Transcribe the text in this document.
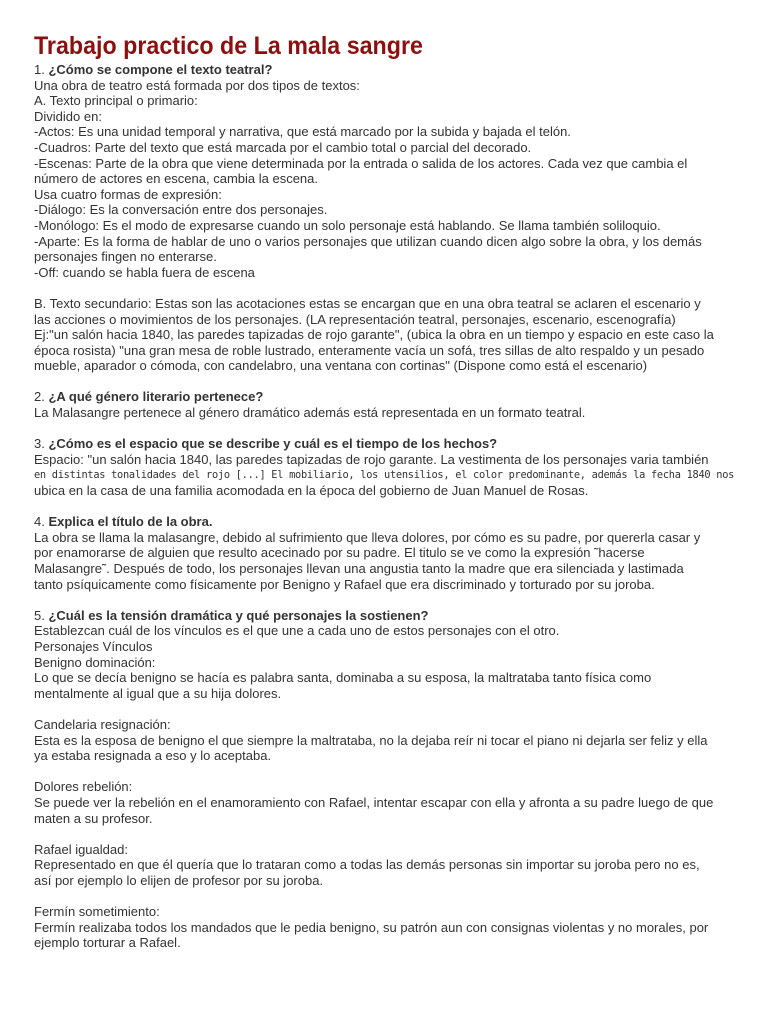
Trabajo practico de La mala sangre
1. ¿Cómo se compone el texto teatral?
Una obra de teatro está formada por dos tipos de textos:
A. Texto principal o primario:
Dividido en:
-Actos: Es una unidad temporal y narrativa, que está marcado por la subida y bajada el telón.
-Cuadros: Parte del texto que está marcada por el cambio total o parcial del decorado.
-Escenas: Parte de la obra que viene determinada por la entrada o salida de los actores. Cada vez que cambia el
número de actores en escena, cambia la escena.
Usa cuatro formas de expresión:
-Diálogo: Es la conversación entre dos personajes.
-Monólogo: Es el modo de expresarse cuando un solo personaje está hablando. Se llama también soliloquio.
-Aparte: Es la forma de hablar de uno o varios personajes que utilizan cuando dicen algo sobre la obra, y los demás
personajes fingen no enterarse.
-Off: cuando se habla fuera de escena
B. Texto secundario: Estas son las acotaciones estas se encargan que en una obra teatral se aclaren el escenario y
las acciones o movimientos de los personajes. (LA representación teatral, personajes, escenario, escenografía)
Ej:"un salón hacia 1840, las paredes tapizadas de rojo garante", (ubica la obra en un tiempo y espacio en este caso la
época rosista) "una gran mesa de roble lustrado, enteramente vacía un sofá, tres sillas de alto respaldo y un pesado
mueble, aparador o cómoda, con candelabro, una ventana con cortinas" (Dispone como está el escenario)
2. ¿A qué género literario pertenece?
La Malasangre pertenece al género dramático además está representada en un formato teatral.
3. ¿Cómo es el espacio que se describe y cuál es el tiempo de los hechos?
Espacio: "un salón hacia 1840, las paredes tapizadas de rojo garante. La vestimenta de los personajes varia también
en distintas tonalidades del rojo [...] El mobiliario, los utensilios, el color predominante, además la fecha 1840 nos
ubica en la casa de una familia acomodada en la época del gobierno de Juan Manuel de Rosas.
4. Explica el título de la obra.
La obra se llama la malasangre, debido al sufrimiento que lleva dolores, por cómo es su padre, por quererla casar y
por enamorarse de alguien que resulto acecinado por su padre. El titulo se ve como la expresión ˜hacerse
Malasangre˜. Después de todo, los personajes llevan una angustia tanto la madre que era silenciada y lastimada
tanto psíquicamente como físicamente por Benigno y Rafael que era discriminado y torturado por su joroba.
5. ¿Cuál es la tensión dramática y qué personajes la sostienen?
Establezcan cuál de los vínculos es el que une a cada uno de estos personajes con el otro.
Personajes Vínculos
Benigno dominación:
Lo que se decía benigno se hacía es palabra santa, dominaba a su esposa, la maltrataba tanto física como
mentalmente al igual que a su hija dolores.
Candelaria resignación:
Esta es la esposa de benigno el que siempre la maltrataba, no la dejaba reír ni tocar el piano ni dejarla ser feliz y ella
ya estaba resignada a eso y lo aceptaba.
Dolores rebelión:
Se puede ver la rebelión en el enamoramiento con Rafael, intentar escapar con ella y afronta a su padre luego de que
maten a su profesor.
Rafael igualdad:
Representado en que él quería que lo trataran como a todas las demás personas sin importar su joroba pero no es,
así por ejemplo lo elijen de profesor por su joroba.
Fermín sometimiento:
Fermín realizaba todos los mandados que le pedia benigno, su patrón aun con consignas violentas y no morales, por
ejemplo torturar a Rafael.
